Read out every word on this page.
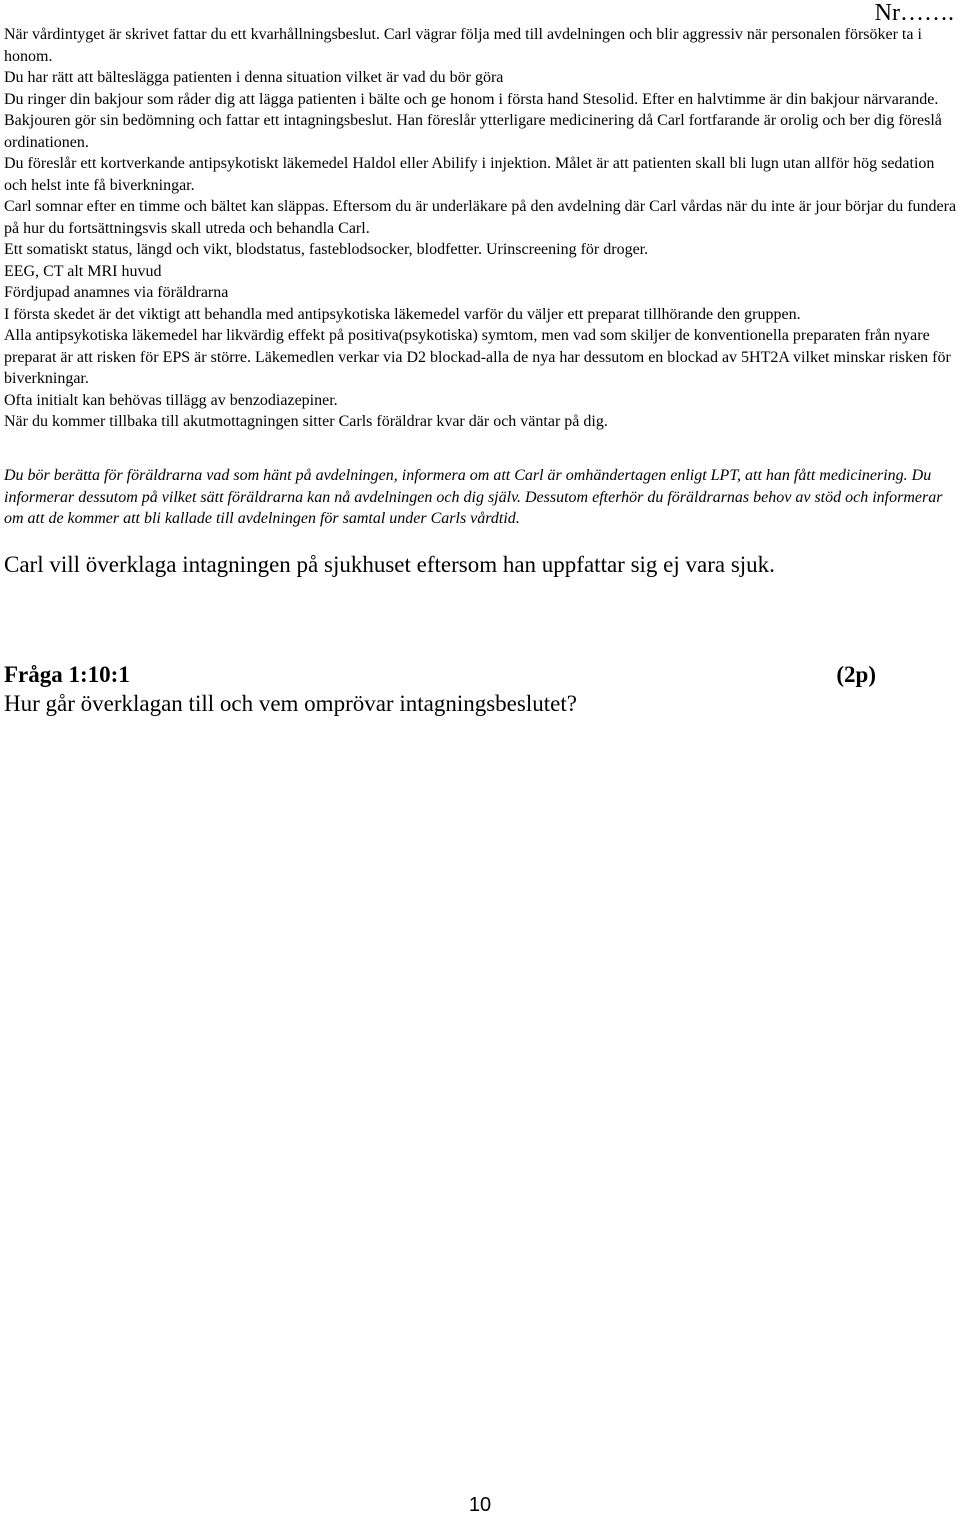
Nr…….

När vårdintyget är skrivet fattar du ett kvarhållningsbeslut. Carl vägrar följa med till avdelningen och blir aggressiv när personalen försöker ta i honom.

Du har rätt att bältesläggа patienten i denna situation vilket är vad du bör göra

Du ringer din bakjour som råder dig att lägga patienten i bälte och ge honom i första hand Stesolid. Efter en halvtimme är din bakjour närvarande. Bakjouren gör sin bedömning och fattar ett intagningsbeslut. Han föreslår ytterligare medicinering då Carl fortfarande är orolig och ber dig föreslå ordinationen.

Du föreslår ett kortverkande antipsykotiskt läkemedel Haldol eller Abilify i injektion. Målet är att patienten skall bli lugn utan allför hög sedation och helst inte få biverkningar.

Carl somnar efter en timme och bältet kan släppas. Eftersom du är underläkare på den avdelning där Carl vårdas när du inte är jour börjar du fundera på hur du fortsättningsvis skall utreda och behandla Carl.

Ett somatiskt status, längd och vikt, blodstatus, fasteblodsocker, blodfetter. Urinscreening för droger.

EEG, CT alt MRI huvud

Fördjupad anamnes via föräldrarna

I första skedet är det viktigt att behandla med antipsykotiska läkemedel varför du väljer ett preparat tillhörande den gruppen.

Alla antipsykotiska läkemedel har likvärdig effekt på positiva(psykotiska) symtom, men vad som skiljer de konventionella preparaten från nyare preparat är att risken för EPS är större. Läkemedlen verkar via D2 blockad-alla de nya har dessutom en blockad av 5HT2A vilket minskar risken för biverkningar.

Ofta initialt kan behövas tillägg av benzodiazepiner.

När du kommer tillbaka till akutmottagningen sitter Carls föräldrar kvar där och väntar på dig.

Du bör berätta för föräldrarna vad som hänt på avdelningen, informera om att Carl är omhändertagen enligt LPT, att han fått medicinering. Du informerar dessutom på vilket sätt föräldrarna kan nå avdelningen och dig själv. Dessutom efterhör du föräldrarnas behov av stöd och informerar om att de kommer att bli kallade till avdelningen för samtal under Carls vårdtid.

Carl vill överklaga intagningen på sjukhuset eftersom han uppfattar sig ej vara sjuk.
Fråga 1:10:1	(2p)
Hur går överklagan till och vem omprövar intagningsbeslutet?
10
